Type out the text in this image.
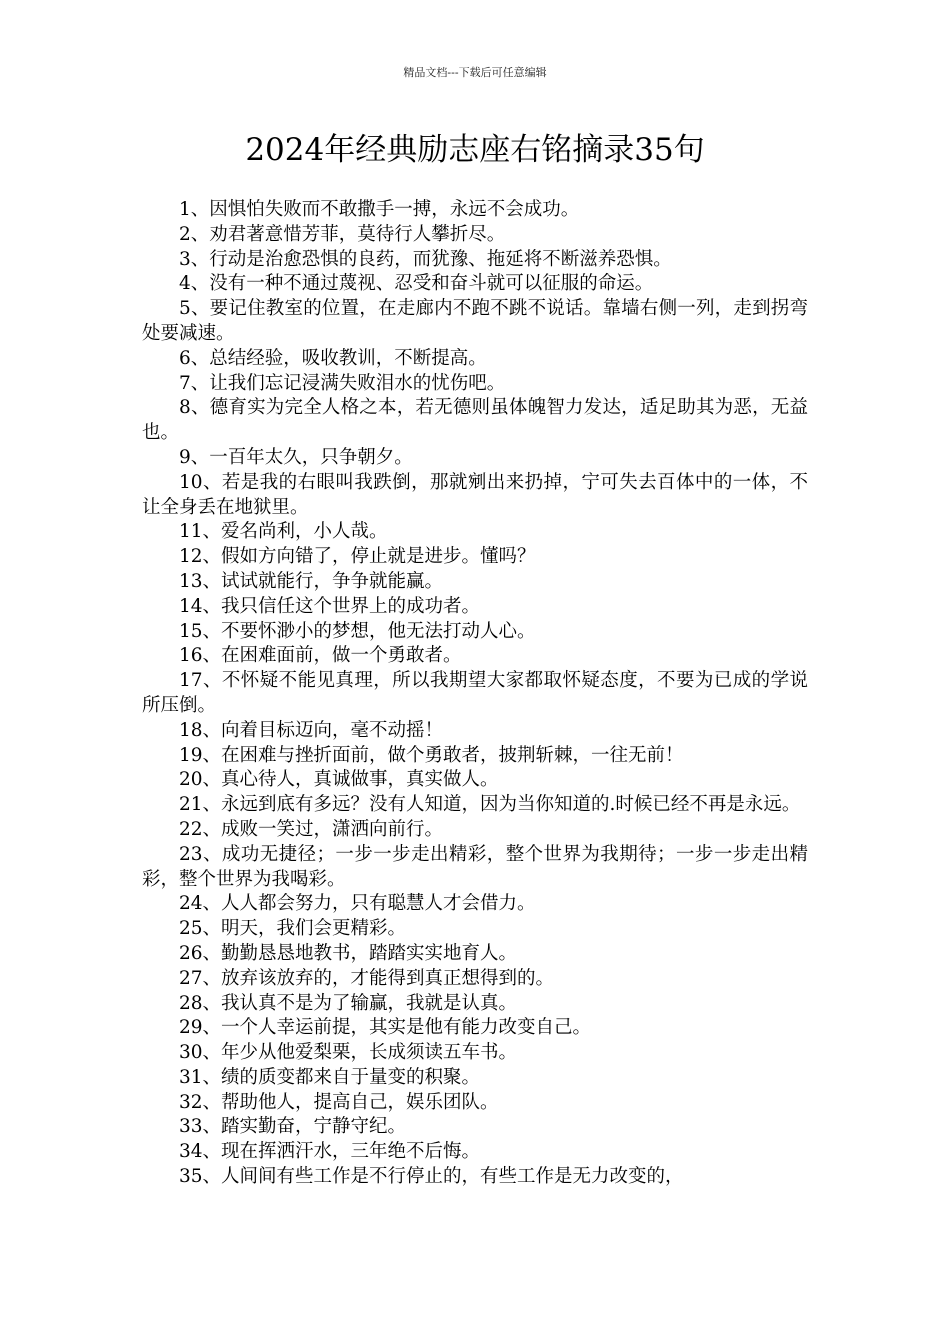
精品文档---下载后可任意编辑
2024年经典励志座右铭摘录35句

1、因惧怕失败而不敢撒手一搏，永远不会成功。

2、劝君著意惜芳菲，莫待行人攀折尽。

3、行动是治愈恐惧的良药，而犹豫、拖延将不断滋养恐惧。

4、没有一种不通过蔑视、忍受和奋斗就可以征服的命运。

5、要记住教室的位置，在走廊内不跑不跳不说话。靠墙右侧一列，走到拐弯处要减速。

6、总结经验，吸收教训，不断提高。

7、让我们忘记浸满失败泪水的忧伤吧。

8、德育实为完全人格之本，若无德则虽体魄智力发达，适足助其为恶，无益也。

9、一百年太久，只争朝夕。

10、若是我的右眼叫我跌倒，那就剜出来扔掉，宁可失去百体中的一体，不让全身丢在地狱里。

11、爱名尚利，小人哉。

12、假如方向错了，停止就是进步。懂吗？

13、试试就能行，争争就能赢。

14、我只信任这个世界上的成功者。

15、不要怀渺小的梦想，他无法打动人心。

16、在困难面前，做一个勇敢者。

17、不怀疑不能见真理，所以我期望大家都取怀疑态度，不要为已成的学说所压倒。

18、向着目标迈向，毫不动摇！

19、在困难与挫折面前，做个勇敢者，披荆斩棘，一往无前！

20、真心待人，真诚做事，真实做人。

21、永远到底有多远？没有人知道，因为当你知道的.时候已经不再是永远。

22、成败一笑过，潇洒向前行。

23、成功无捷径；一步一步走出精彩，整个世界为我期待；一步一步走出精彩，整个世界为我喝彩。

24、人人都会努力，只有聪慧人才会借力。

25、明天，我们会更精彩。

26、勤勤恳恳地教书，踏踏实实地育人。

27、放弃该放弃的，才能得到真正想得到的。

28、我认真不是为了输赢，我就是认真。

29、一个人幸运前提，其实是他有能力改变自己。

30、年少从他爱梨栗，长成须读五车书。

31、绩的质变都来自于量变的积聚。

32、帮助他人，提高自己，娱乐团队。

33、踏实勤奋，宁静守纪。

34、现在挥洒汗水，三年绝不后悔。

35、人间间有些工作是不行停止的，有些工作是无力改变的，
